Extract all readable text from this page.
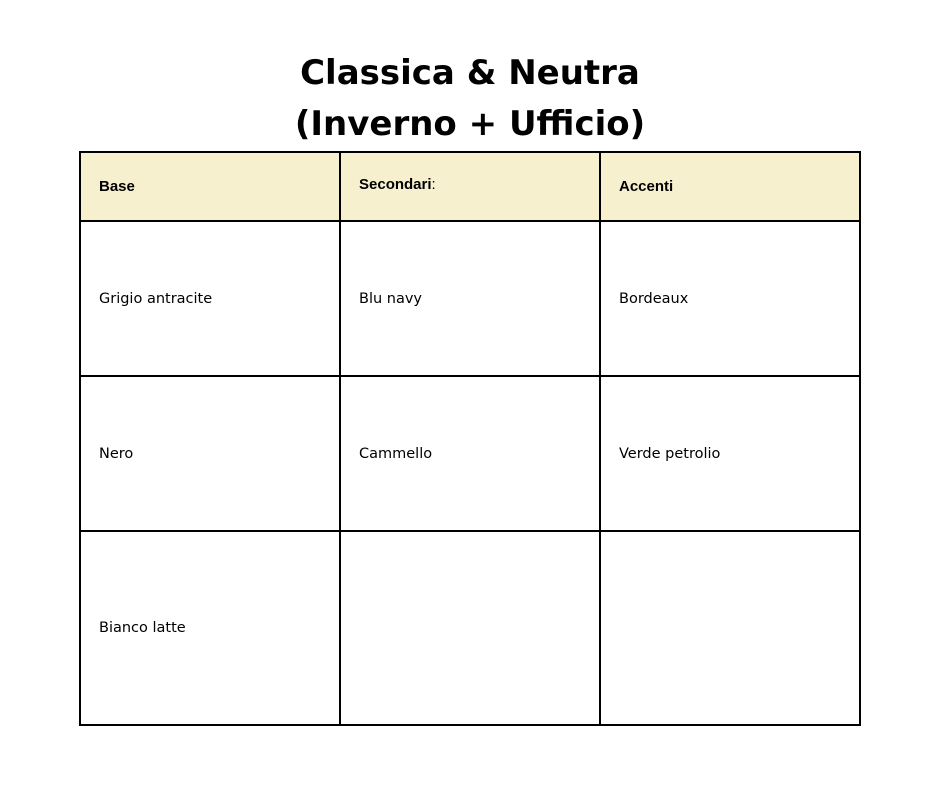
Classica & Neutra
(Inverno + Ufficio)
Base	Secondari:	Accenti
Grigio antracite	Blu navy	Bordeaux
Nero	Cammello	Verde petrolio
Bianco latte		
